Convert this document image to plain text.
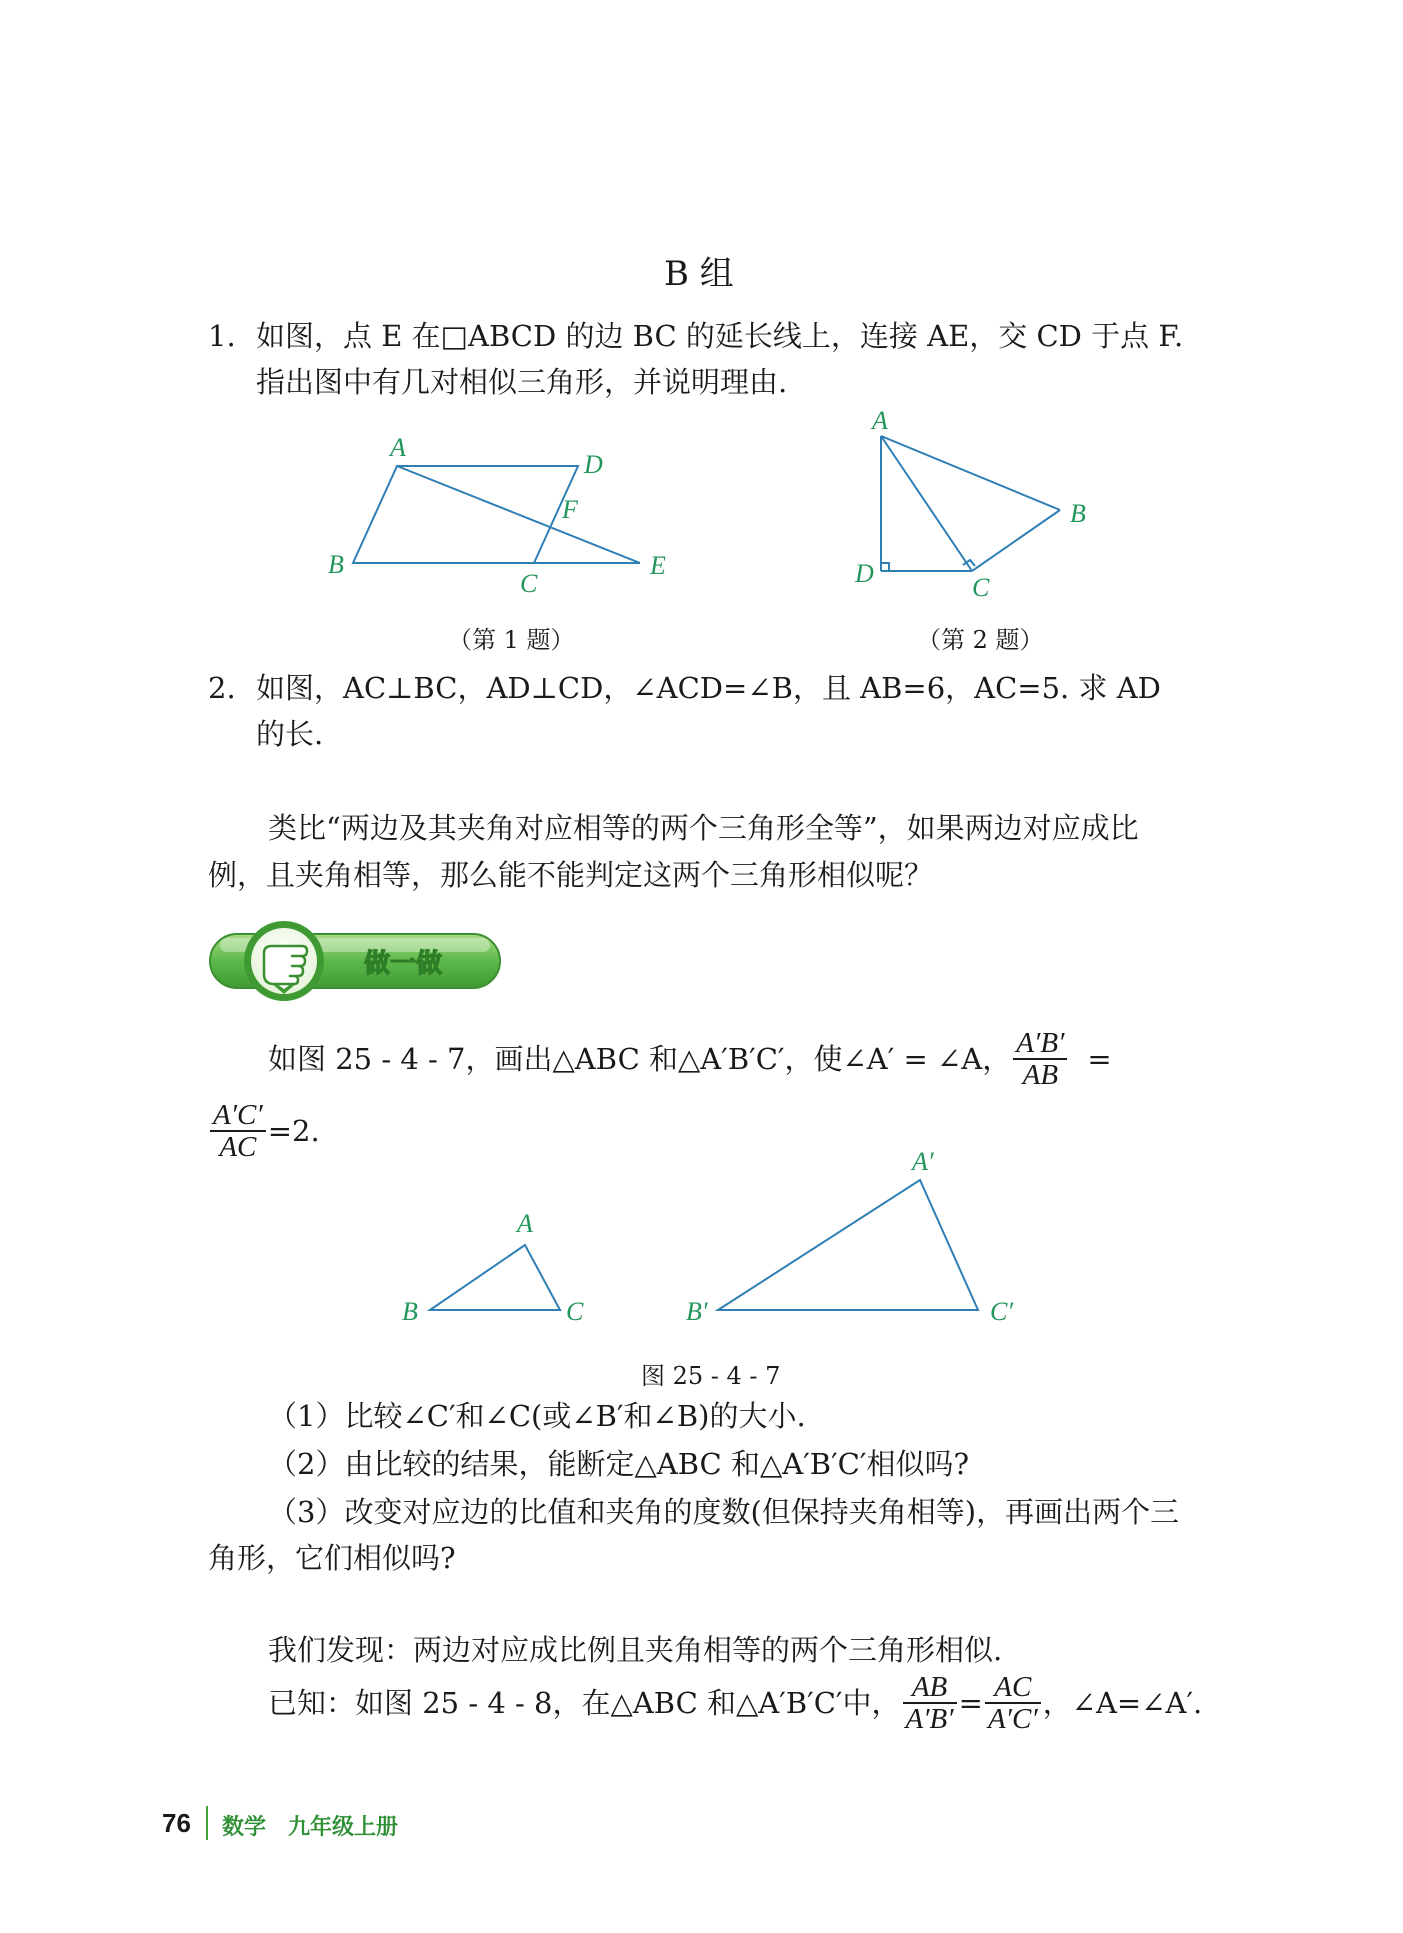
B 组
1. 如图，点 E 在□ABCD 的边 BC 的延长线上，连接 AE，交 CD 于点 F.
指出图中有几对相似三角形，并说明理由.
A
D
F
B
C
E
（第 1 题）
A
B
D	C
（第 2 题）
2. 如图，AC⊥BC，AD⊥CD，∠ACD=∠B，且 AB=6，AC=5. 求 AD
的长.
类比“两边及其夹角对应相等的两个三角形全等”，如果两边对应成比
例，且夹角相等，那么能不能判定这两个三角形相似呢？
做一做
如图 25 - 4 - 7，画出△ABC 和△A′B′C′，使∠A′ = ∠A， $\frac{A'B'}{AB}$ =
$\frac{A'C'}{AC} =2$.
A
B	C
A′
B′	C′
图 25 - 4 - 7
（1）比较∠C′和∠C(或∠B′和∠B)的大小.
（2）由比较的结果，能断定△ABC 和△A′B′C′相似吗?
（3）改变对应边的比值和夹角的度数(但保持夹角相等)，再画出两个三
角形，它们相似吗?
我们发现：两边对应成比例且夹角相等的两个三角形相似.
已知：如图 25 - 4 - 8，在△ABC 和△A′B′C′中， $\frac{AB}{A'B'} = \frac{AC}{A'C'}$ ，∠A=∠A′.
76 数学　九年级上册
